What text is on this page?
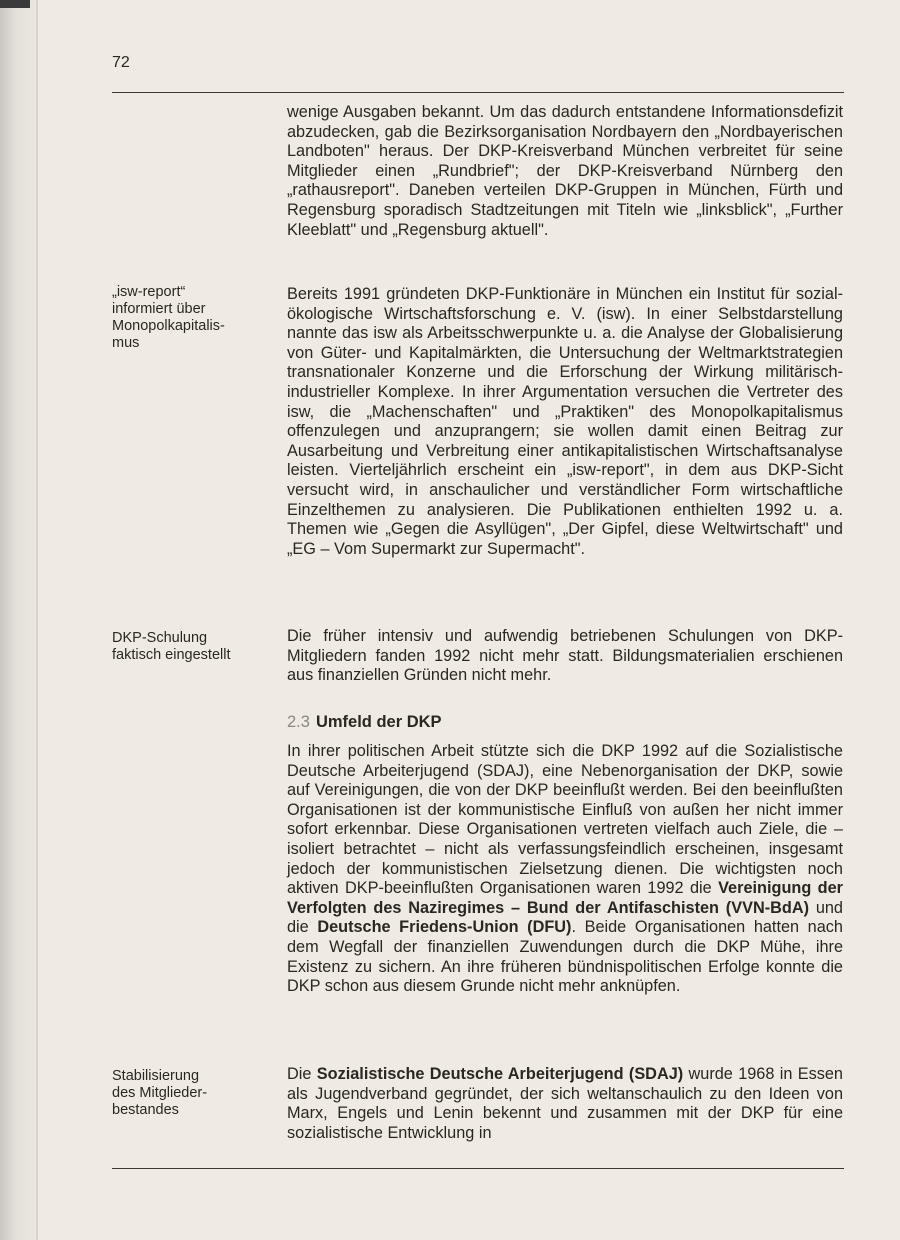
72
„isw-report“
informiert über
Monopolkapitalis-
mus
DKP-Schulung
faktisch eingestellt
Stabilisierung
des Mitglieder-
bestandes

wenige Ausgaben bekannt. Um das dadurch entstandene Informationsdefizit abzudecken, gab die Bezirksorganisation Nordbayern den „Nordbayerischen Landboten" heraus. Der DKP-Kreisverband München verbreitet für seine Mitglieder einen „Rundbrief"; der DKP-Kreisverband Nürnberg den „rathausreport". Daneben verteilen DKP-Gruppen in München, Fürth und Regensburg sporadisch Stadtzeitungen mit Titeln wie „linksblick", „Further Kleeblatt" und „Regensburg aktuell".

Bereits 1991 gründeten DKP-Funktionäre in München ein Institut für sozial-ökologische Wirtschaftsforschung e. V. (isw). In einer Selbstdarstellung nannte das isw als Arbeitsschwerpunkte u. a. die Analyse der Globalisierung von Güter- und Kapitalmärkten, die Untersuchung der Weltmarktstrategien transnationaler Konzerne und die Erforschung der Wirkung militärisch-industrieller Komplexe. In ihrer Argumentation versuchen die Vertreter des isw, die „Machenschaften" und „Praktiken" des Monopolkapitalismus offenzulegen und anzuprangern; sie wollen damit einen Beitrag zur Ausarbeitung und Verbreitung einer antikapitalistischen Wirtschaftsanalyse leisten. Vierteljährlich erscheint ein „isw-report", in dem aus DKP-Sicht versucht wird, in anschaulicher und verständlicher Form wirtschaftliche Einzelthemen zu analysieren. Die Publikationen enthielten 1992 u. a. Themen wie „Gegen die Asyllügen", „Der Gipfel, diese Weltwirtschaft" und „EG – Vom Supermarkt zur Supermacht".

Die früher intensiv und aufwendig betriebenen Schulungen von DKP-Mitgliedern fanden 1992 nicht mehr statt. Bildungsmaterialien erschienen aus finanziellen Gründen nicht mehr.

2.3 Umfeld der DKP

In ihrer politischen Arbeit stützte sich die DKP 1992 auf die Sozialistische Deutsche Arbeiterjugend (SDAJ), eine Nebenorganisation der DKP, sowie auf Vereinigungen, die von der DKP beeinflußt werden. Bei den beeinflußten Organisationen ist der kommunistische Einfluß von außen her nicht immer sofort erkennbar. Diese Organisationen vertreten vielfach auch Ziele, die – isoliert betrachtet – nicht als verfassungsfeindlich erscheinen, insgesamt jedoch der kommunistischen Zielsetzung dienen. Die wichtigsten noch aktiven DKP-beeinflußten Organisationen waren 1992 die Vereinigung der Verfolgten des Naziregimes – Bund der Antifaschisten (VVN-BdA) und die Deutsche Friedens-Union (DFU). Beide Organisationen hatten nach dem Wegfall der finanziellen Zuwendungen durch die DKP Mühe, ihre Existenz zu sichern. An ihre früheren bündnispolitischen Erfolge konnte die DKP schon aus diesem Grunde nicht mehr anknüpfen.

Die Sozialistische Deutsche Arbeiterjugend (SDAJ) wurde 1968 in Essen als Jugendverband gegründet, der sich weltanschaulich zu den Ideen von Marx, Engels und Lenin bekennt und zusammen mit der DKP für eine sozialistische Entwicklung in
